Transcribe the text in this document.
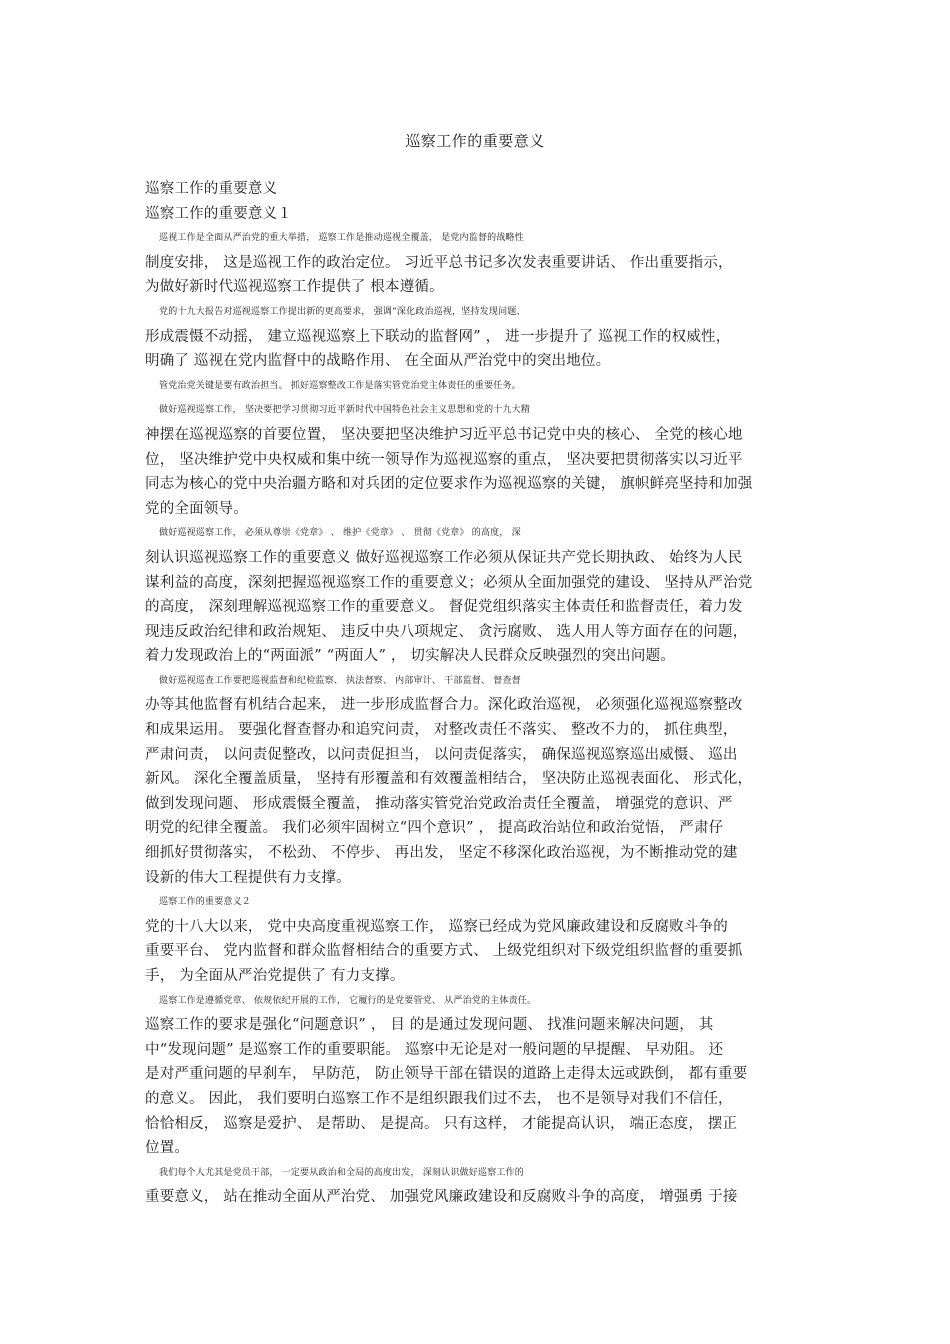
巡察工作的重要意义
巡察工作的重要意义
巡察工作的重要意义１
巡视工作是全面从严治党的重大举措， 巡察工作是推动巡视全覆盖， 是党内监督的战略性
制度安排， 这是巡视工作的政治定位。 习近平总书记多次发表重要讲话、 作出重要指示，
为做好新时代巡视巡察工作提供了 根本遵循。
党的十九大报告对巡视巡察工作提出新的更高要求， 强调“深化政治巡视，坚持发现问题、
形成震慑不动摇， 建立巡视巡察上下联动的监督网” ， 进一步提升了 巡视工作的权威性，
明确了 巡视在党内监督中的战略作用、 在全面从严治党中的突出地位。
管党治党关键是要有政治担当。 抓好巡察整改工作是落实管党治党主体责任的重要任务。
做好巡视巡察工作， 坚决要把学习贯彻习近平新时代中国特色社会主义思想和党的十九大精
神摆在巡视巡察的首要位置， 坚决要把坚决维护习近平总书记党中央的核心、 全党的核心地
位， 坚决维护党中央权威和集中统一领导作为巡视巡察的重点， 坚决要把贯彻落实以习近平
同志为核心的党中央治疆方略和对兵团的定位要求作为巡视巡察的关键， 旗帜鲜亮坚持和加强
党的全面领导。
做好巡视巡察工作， 必须从尊崇《党章》 、 维护《党章》 、 贯彻《党章》 的高度， 深
刻认识巡视巡察工作的重要意义 做好巡视巡察工作必须从保证共产党长期执政、 始终为人民
谋利益的高度，深刻把握巡视巡察工作的重要意义；必须从全面加强党的建设、 坚持从严治党
的高度， 深刻理解巡视巡察工作的重要意义。 督促党组织落实主体责任和监督责任，着力发
现违反政治纪律和政治规矩、 违反中央八项规定、 贪污腐败、 选人用人等方面存在的问题，
着力发现政治上的“两面派” “两面人” ， 切实解决人民群众反映强烈的突出问题。
做好巡视巡查工作要把巡视监督和纪检监察、 执法督察、 内部审计、 干部监督、 督查督
办等其他监督有机结合起来， 进一步形成监督合力。深化政治巡视， 必须强化巡视巡察整改
和成果运用。 要强化督查督办和追究问责， 对整改责任不落实、 整改不力的， 抓住典型，
严肃问责， 以问责促整改，以问责促担当， 以问责促落实， 确保巡视巡察巡出威慑、 巡出
新风。 深化全覆盖质量， 坚持有形覆盖和有效覆盖相结合， 坚决防止巡视表面化、 形式化，
做到发现问题、 形成震慑全覆盖， 推动落实管党治党政治责任全覆盖， 增强党的意识、严
明党的纪律全覆盖。 我们必须牢固树立“四个意识” ， 提高政治站位和政治觉悟， 严肃仔
细抓好贯彻落实， 不松劲、 不停步、 再出发， 坚定不移深化政治巡视，为不断推动党的建
设新的伟大工程提供有力支撑。
巡察工作的重要意义２
党的十八大以来， 党中央高度重视巡察工作， 巡察已经成为党风廉政建设和反腐败斗争的
重要平台、 党内监督和群众监督相结合的重要方式、 上级党组织对下级党组织监督的重要抓
手， 为全面从严治党提供了 有力支撑。
巡察工作是遵循党章、 依规依纪开展的工作， 它履行的是党要管党、 从严治党的主体责任。
巡察工作的要求是强化“问题意识” ， 目 的是通过发现问题、 找准问题来解决问题， 其
中“发现问题” 是巡察工作的重要职能。 巡察中无论是对一般问题的早提醒、 早劝阻。 还
是对严重问题的早刹车， 早防范， 防止领导干部在错误的道路上走得太远或跌倒， 都有重要
的意义。 因此， 我们要明白巡察工作不是组织跟我们过不去， 也不是领导对我们不信任，
恰恰相反， 巡察是爱护、 是帮助、 是提高。 只有这样， 才能提高认识， 端正态度， 摆正
位置。
我们每个人尤其是党员干部， 一定要从政治和全局的高度出发， 深刻认识做好巡察工作的
重要意义， 站在推动全面从严治党、 加强党风廉政建设和反腐败斗争的高度， 增强勇 于接
